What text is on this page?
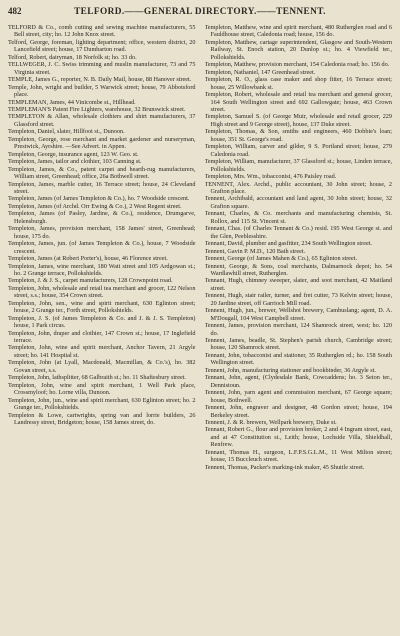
482	TELFORD.——GENERAL DIRECTORY.——TENNENT.

TELFORD & Co., comb cutting and sewing machine manufacturers, 55 Bell street, city; ho. 12 John Knox street.

Telford, George, foreman, lighting department; office, western district, 20 Lancefield street; house, 17 Dumbarton road.

Telford, Robert, dairyman, 18 Norfolk st; ho. 33 do.

TELLWEGER, J. C. Swiss trimming and muslin manufacturer, 73 and 75 Virginia street.

TEMPLE, James G., reporter, N. B. Daily Mail, house, 88 Hanover street.

Temple, John, wright and builder, 5 Warwick street; house, 79 Abbotsford place.

TEMPLEMAN, James, 44 Vinicombe st., Hillhead.

TEMPLEMAN'S Patent Fire Lighters, warehouse, 32 Brunswick street.

TEMPLETON & Allan, wholesale clothiers and shirt manufacturers, 37 Glassford street.

Templeton, Daniel, slater, Hillfoot st., Dunoon.

Templeton, George, rose merchant and market gardener and nurseryman, Prestwick, Ayrshire. —See Advert. in Appen.

Templeton, George, insurance agent, 123 W. Geo. st.

Templeton, James, tailor and clothier, 103 Canning st.

Templeton, James, & Co., patent carpet and hearth-rug manufacturers, William street, Greenhead; office, 26a Bothwell street.

Templeton, James, marble cutter, 16 Terrace street; house, 24 Cleveland street.

Templeton, James (of James Templeton & Co.), ho. 7 Woodside crescent.

Templeton, James (of Archd. Orr Ewing & Co.), 2 West Regent street.

Templeton, James (of Pasley, Jardine, & Co.), residence, Drumgarve, Helensburgh.

Templeton, James, provision merchant, 158 James' street, Greenhead; house, 175 do.

Templeton, James, jun. (of James Templeton & Co.), house, 7 Woodside crescent.

Templeton, James (at Robert Porter's), house, 46 Florence street.

Templeton, James, wine merchant, 180 Watt street and 105 Ardgowan st.; ho. 2 Grange terrace, Pollokshields.

Templeton, J. & J. S., carpet manufacturers, 128 Crownpoint road.

Templeton, John, wholesale and retail tea merchant and grocer, 122 Nelson street, s.s.; house, 354 Crown street.

Templeton, John, sen., wine and spirit merchant, 630 Eglinton street; house, 2 Grange ter., Forth street, Pollokshields.

Templeton, J. S. (of James Templeton & Co. and J. & J. S. Templeton) house, 1 Park circus.

Templeton, John, draper and clothier, 147 Crown st.; house, 17 Inglefield terrace.

Templeton, John, wine and spirit merchant, Anchor Tavern, 21 Argyle street; ho. 141 Hospital st.

Templeton, John (at Lyall, Macdonald, Macmillan, & Co.'s), ho. 382 Govan street, s.s.

Templeton, John, lathsplitter, 68 Galbraith st.; ho. 11 Shaftesbury street.

Templeton, John, wine and spirit merchant, 1 Well Park place, Crossmyloof; ho. Lorne villa, Dunoon.

Templeton, John, jun., wine and spirit merchant, 630 Eglinton street; ho. 2 Grange ter., Pollokshields.

Templeton & Lowe, cartwrights, spring van and lorrie builders, 26 Landressy street, Bridgeton; house, 158 James street, do.

Templeton, Matthew, wine and spirit merchant, 480 Rutherglen road and 6 Fauldhouse street, Caledonia road; house, 156 do.

Templeton, Matthew, cartage superintendent, Glasgow and South-Western Railway, St. Enoch station, 20 Dunlop st.; ho. 4 Viewfield ter., Pollokshields.

Templeton, Matthew, provision merchant, 154 Caledonia road; ho. 156 do.

Templeton, Nathaniel, 147 Greenhead street.

Templeton, R. O., glass case maker and shop fitter, 16 Terrace street; house, 25 Willowbank st.

Templeton, Robert, wholesale and retail tea merchant and general grocer, 164 South Wellington street and 692 Gallowgate; house, 463 Crown street.

Templeton, Samuel S. (of George Muir, wholesale and retail grocer, 229 High street and 9 George street), house, 137 Duke street.

Templeton, Thomas, & Son, smiths and engineers, 460 Dobbie's loan; house, 351 St. George's road.

Templeton, William, carver and gilder, 9 S. Portland street; house, 279 Caledonia road.

Templeton, William, manufacturer, 37 Glassford st.; house, Linden terrace, Pollokshields.

Templeton, Mrs. Wm., tobacconist, 476 Paisley road.

TENNENT, Alex. Archd., public accountant, 30 John street; house, 2 Grafton place.

Tennent, Archibald, accountant and land agent, 30 John street; house, 32 Grafton square.

Tennant, Charles, & Co. merchants and manufacturing chemists, St. Rollox, and 115 St. Vincent st.

Tennant, Chas. (of Charles Tennant & Co.) resid. 195 West George st. and the Glen, Peeblesshire.

Tennant, David, plumber and gasfitter, 234 South Wellington street.

Tennent, Gavin P. M.D., 120 Bath street.

Tennent, George (of James Mahen & Co.), 65 Eglinton street.

Tennent, George, & Sons, coal merchants, Dalmarnock depot; ho. 54 Wardlawhill street, Rutherglen.

Tennant, Hugh, chimney sweeper, slater, and soot merchant, 42 Maitland street.

Tennent, Hugh, stair railer, turner, and fret cutter, 73 Kelvin street; house, 20 Jardine street, off Garrioch Mill road.

Tennent, Hugh, jun., brewer, Wellshot brewery, Cambuslang; agent, D. A. M'Dougall, 104 West Campbell street.

Tennent, James, provision merchant, 124 Shamrock street, west; ho. 120 do.

Tennent, James, beadle, St. Stephen's parish church, Cambridge street; house, 120 Shamrock street.

Tennant, John, tobacconist and stationer, 35 Rutherglen rd.; ho. 158 South Wellington street.

Tennent, John, manufacturing stationer and bookbinder, 36 Argyle st.

Tennant, John, agent, (Clydesdale Bank, Cowcaddens; ho. 3 Seton ter., Dennistoun.

Tennent, John, yarn agent and commission merchant, 67 George square; house, Bothwell.

Tennent, John, engraver and designer, 48 Gordon street; house, 194 Berkeley street.

Tennent, J. & R. brewers, Wellpark brewery, Duke st.

Tennant, Robert G., flour and provision broker, 2 and 4 Ingram street, east, and at 47 Constitution st., Leith; house, Lochside Villa, Shieldhall, Renfrew.

Tennant, Thomas H., surgeon, L.F.P.S.G.L.M., 11 West Milton street; house, 15 Buccleuch street.

Tennent, Thomas, Packer's marking-ink maker, 45 Shuttle street.
